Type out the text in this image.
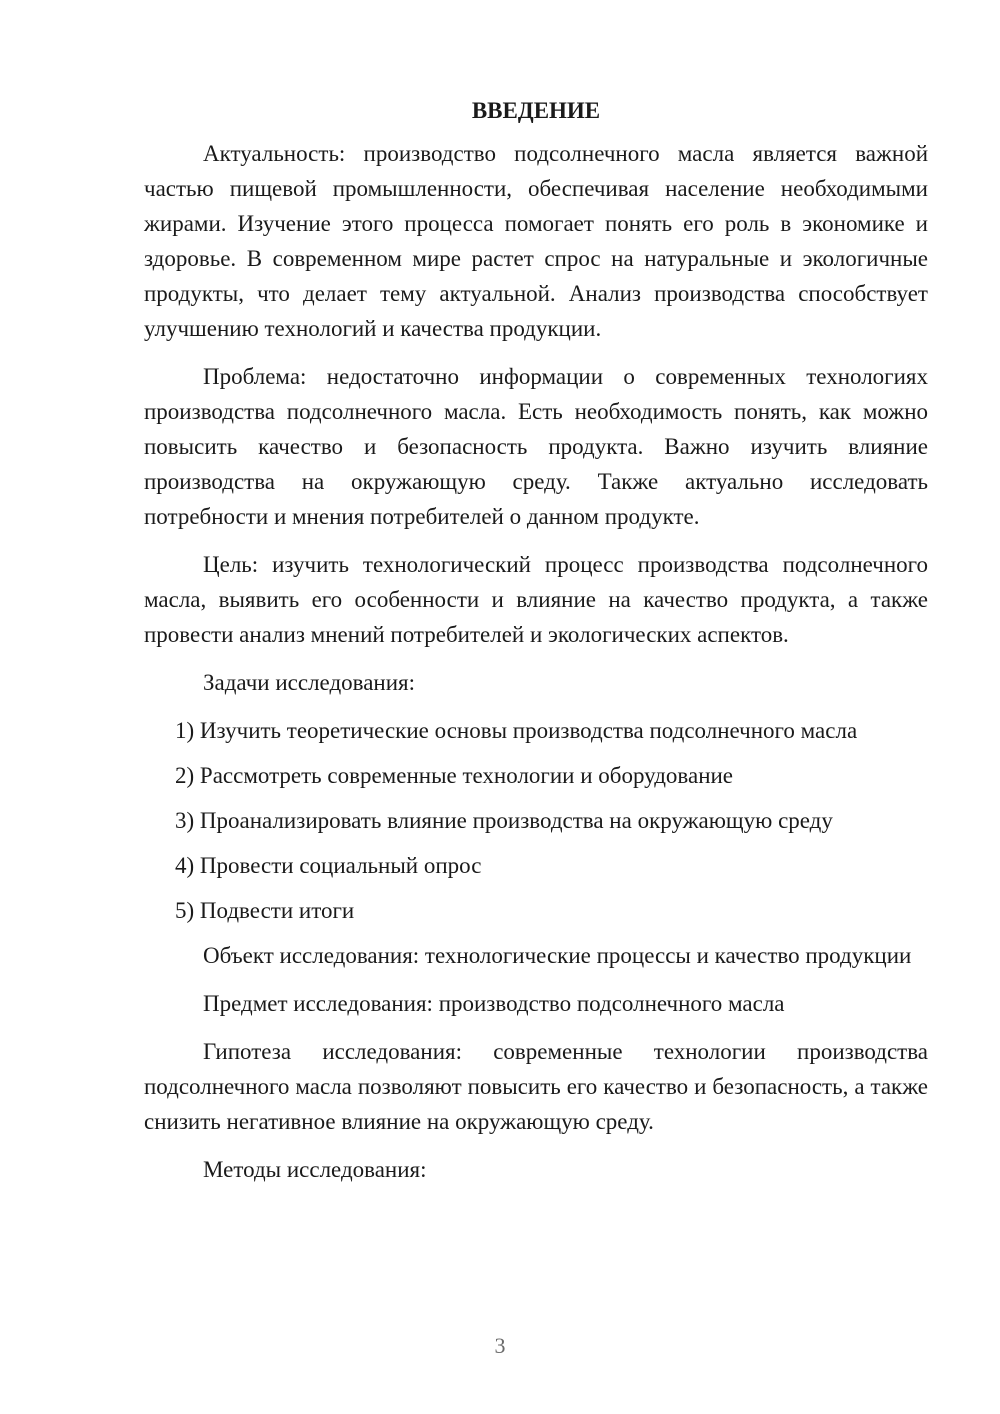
ВВЕДЕНИЕ

Актуальность: производство подсолнечного масла является важной частью пищевой промышленности, обеспечивая население необходимыми жирами. Изучение этого процесса помогает понять его роль в экономике и здоровье. В современном мире растет спрос на натуральные и экологичные продукты, что делает тему актуальной. Анализ производства способствует улучшению технологий и качества продукции.

Проблема: недостаточно информации о современных технологиях производства подсолнечного масла. Есть необходимость понять, как можно повысить качество и безопасность продукта. Важно изучить влияние производства на окружающую среду. Также актуально исследовать потребности и мнения потребителей о данном продукте.

Цель: изучить технологический процесс производства подсолнечного масла, выявить его особенности и влияние на качество продукта, а также провести анализ мнений потребителей и экологических аспектов.

Задачи исследования:

1) Изучить теоретические основы производства подсолнечного масла
2) Рассмотреть современные технологии и оборудование
3) Проанализировать влияние производства на окружающую среду
4) Провести социальный опрос
5) Подвести итоги

Объект исследования: технологические процессы и качество продукции

Предмет исследования: производство подсолнечного масла

Гипотеза исследования: современные технологии производства подсолнечного масла позволяют повысить его качество и безопасность, а также снизить негативное влияние на окружающую среду.

Методы исследования:

3
